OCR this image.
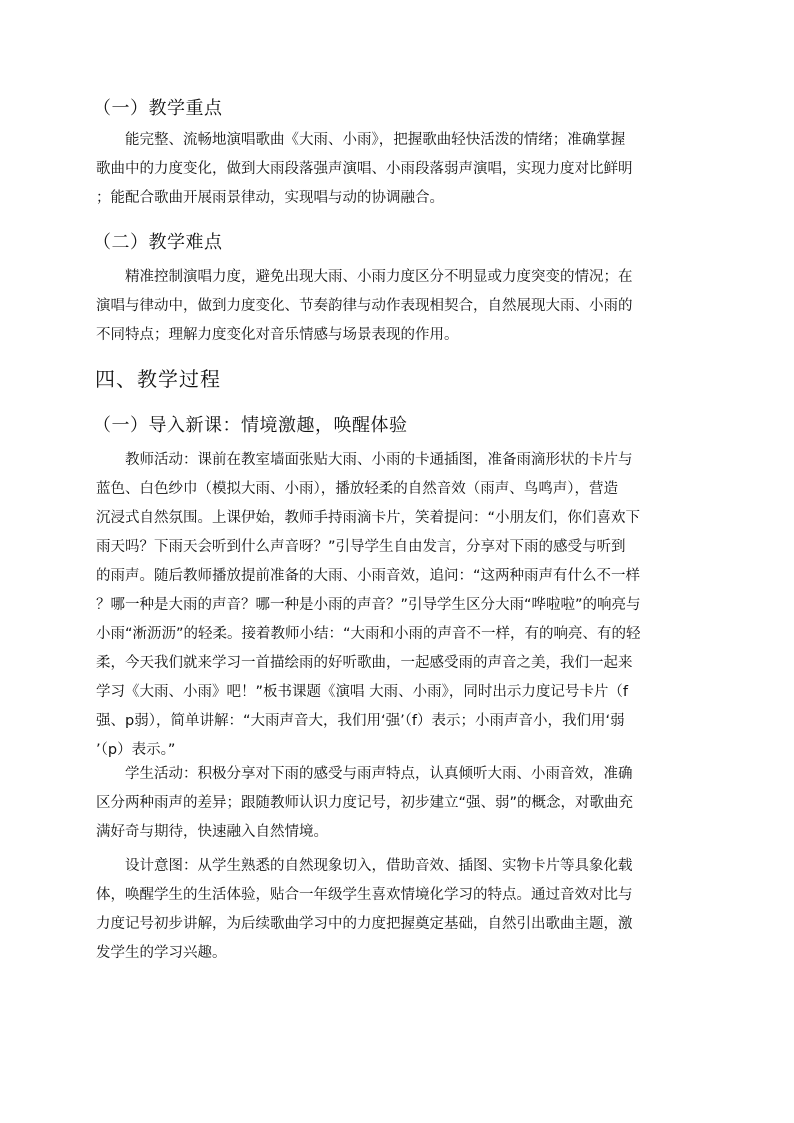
（一）教学重点
能完整、流畅地演唱歌曲《大雨、小雨》，把握歌曲轻快活泼的情绪；准确掌握
歌曲中的力度变化，做到大雨段落强声演唱、小雨段落弱声演唱，实现力度对比鲜明
；能配合歌曲开展雨景律动，实现唱与动的协调融合。
（二）教学难点
精准控制演唱力度，避免出现大雨、小雨力度区分不明显或力度突变的情况；在
演唱与律动中，做到力度变化、节奏韵律与动作表现相契合，自然展现大雨、小雨的
不同特点；理解力度变化对音乐情感与场景表现的作用。
四、教学过程
（一）导入新课：情境激趣，唤醒体验
教师活动：课前在教室墙面张贴大雨、小雨的卡通插图，准备雨滴形状的卡片与
蓝色、白色纱巾（模拟大雨、小雨），播放轻柔的自然音效（雨声、鸟鸣声），营造
沉浸式自然氛围。上课伊始，教师手持雨滴卡片，笑着提问：“小朋友们，你们喜欢下
雨天吗？下雨天会听到什么声音呀？”引导学生自由发言，分享对下雨的感受与听到
的雨声。随后教师播放提前准备的大雨、小雨音效，追问：“这两种雨声有什么不一样
？哪一种是大雨的声音？哪一种是小雨的声音？”引导学生区分大雨“哗啦啦”的响亮与
小雨“淅沥沥”的轻柔。接着教师小结：“大雨和小雨的声音不一样，有的响亮、有的轻
柔，今天我们就来学习一首描绘雨的好听歌曲，一起感受雨的声音之美，我们一起来
学习《大雨、小雨》吧！”板书课题《演唱 大雨、小雨》，同时出示力度记号卡片（f
强、p弱），简单讲解：“大雨声音大，我们用‘强’（f）表示；小雨声音小，我们用‘弱
’（p）表示。”
学生活动：积极分享对下雨的感受与雨声特点，认真倾听大雨、小雨音效，准确
区分两种雨声的差异；跟随教师认识力度记号，初步建立“强、弱”的概念，对歌曲充
满好奇与期待，快速融入自然情境。
设计意图：从学生熟悉的自然现象切入，借助音效、插图、实物卡片等具象化载
体，唤醒学生的生活体验，贴合一年级学生喜欢情境化学习的特点。通过音效对比与
力度记号初步讲解，为后续歌曲学习中的力度把握奠定基础，自然引出歌曲主题，激
发学生的学习兴趣。
